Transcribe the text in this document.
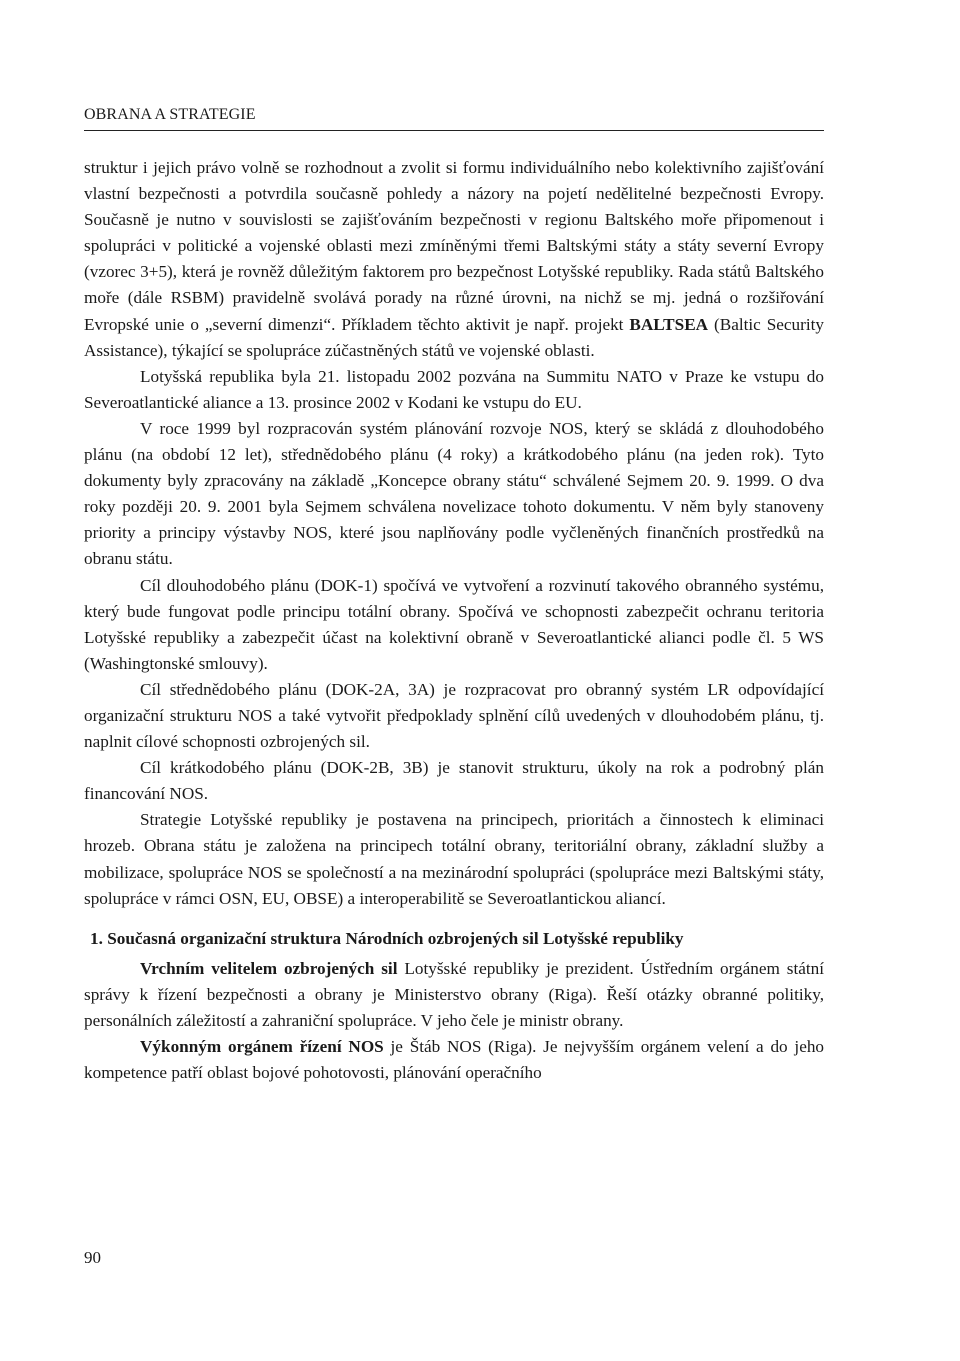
OBRANA A STRATEGIE

struktur i jejich právo volně se rozhodnout a zvolit si formu individuálního nebo kolektivního zajišťování vlastní bezpečnosti a potvrdila současně pohledy a názory na pojetí nedělitelné bezpečnosti Evropy. Současně je nutno v souvislosti se zajišťováním bezpečnosti v regionu Baltského moře připomenout i spolupráci v politické a vojenské oblasti mezi zmíněnými třemi Baltskými státy a státy severní Evropy (vzorec 3+5), která je rovněž důležitým faktorem pro bezpečnost Lotyšské republiky. Rada států Baltského moře (dále RSBM) pravidelně svolává porady na různé úrovni, na nichž se mj. jedná o rozšiřování Evropské unie o „severní dimenzi“. Příkladem těchto aktivit je např. projekt BALTSEA (Baltic Security Assistance), týkající se spolupráce zúčastněných států ve vojenské oblasti.

Lotyšská republika byla 21. listopadu 2002 pozvána na Summitu NATO v Praze ke vstupu do Severoatlantické aliance a 13. prosince 2002 v Kodani ke vstupu do EU.

V roce 1999 byl rozpracován systém plánování rozvoje NOS, který se skládá z dlouhodobého plánu (na období 12 let), střednědobého plánu (4 roky) a krátkodobého plánu (na jeden rok). Tyto dokumenty byly zpracovány na základě „Koncepce obrany státu“ schválené Sejmem 20. 9. 1999. O dva roky později 20. 9. 2001 byla Sejmem schválena novelizace tohoto dokumentu. V něm byly stanoveny priority a principy výstavby NOS, které jsou naplňovány podle vyčleněných finančních prostředků na obranu státu.

Cíl dlouhodobého plánu (DOK-1) spočívá ve vytvoření a rozvinutí takového obranného systému, který bude fungovat podle principu totální obrany. Spočívá ve schopnosti zabezpečit ochranu teritoria Lotyšské republiky a zabezpečit účast na kolektivní obraně v Severoatlantické alianci podle čl. 5 WS (Washingtonské smlouvy).

Cíl střednědobého plánu (DOK-2A, 3A) je rozpracovat pro obranný systém LR odpovídající organizační strukturu NOS a také vytvořit předpoklady splnění cílů uvedených v dlouhodobém plánu, tj. naplnit cílové schopnosti ozbrojených sil.

Cíl krátkodobého plánu (DOK-2B, 3B) je stanovit strukturu, úkoly na rok a podrobný plán financování NOS.

Strategie Lotyšské republiky je postavena na principech, prioritách a činnostech k eliminaci hrozeb. Obrana státu je založena na principech totální obrany, teritoriální obrany, základní služby a mobilizace, spolupráce NOS se společností a na mezinárodní spolupráci (spolupráce mezi Baltskými státy, spolupráce v rámci OSN, EU, OBSE) a interoperabilitě se Severoatlantickou aliancí.

1. Současná organizační struktura Národních ozbrojených sil Lotyšské republiky

Vrchním velitelem ozbrojených sil Lotyšské republiky je prezident. Ústředním orgánem státní správy k řízení bezpečnosti a obrany je Ministerstvo obrany (Riga). Řeší otázky obranné politiky, personálních záležitostí a zahraniční spolupráce. V jeho čele je ministr obrany.

Výkonným orgánem řízení NOS je Štáb NOS (Riga). Je nejvyšším orgánem velení a do jeho kompetence patří oblast bojové pohotovosti, plánování operačního

90
